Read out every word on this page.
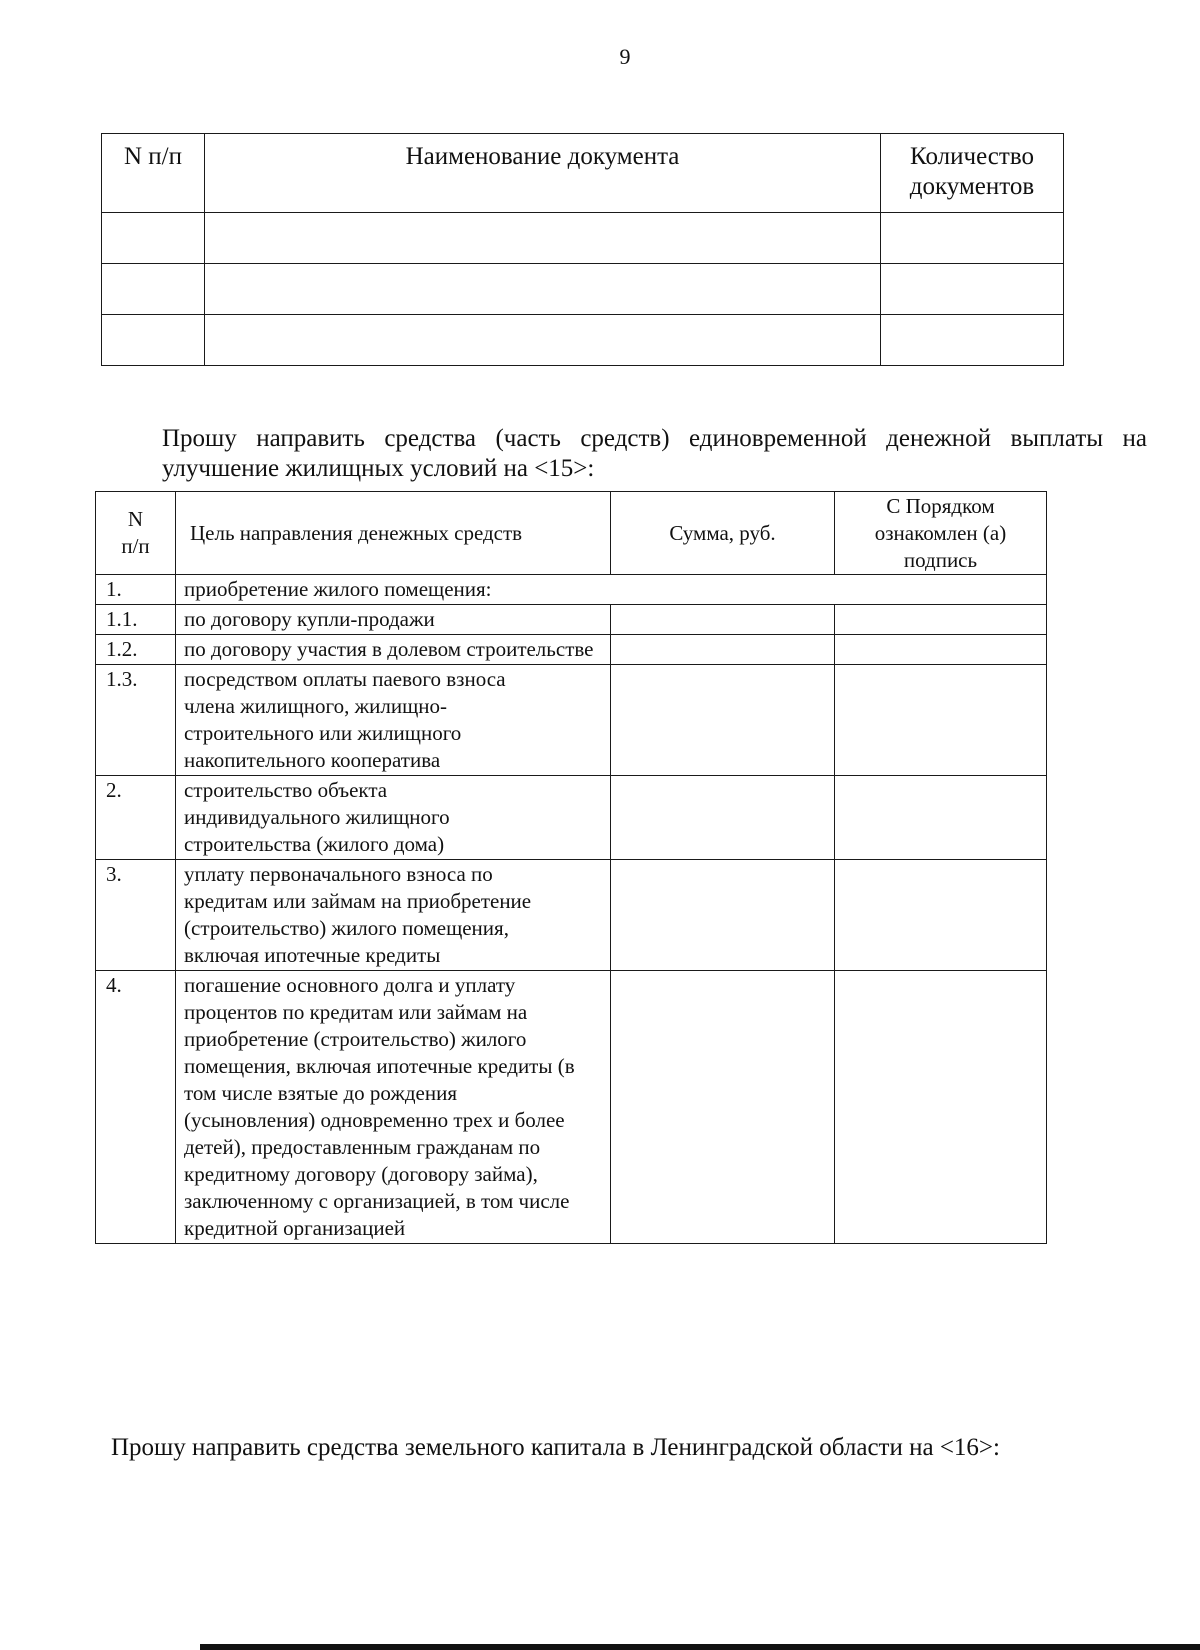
9
N п/п	Наименование документа	Количество документов

Прошу направить средства (часть средств) единовременной денежной выплаты на улучшение жилищных условий на <15>:

N п/п	Цель направления денежных средств	Сумма, руб.	С Порядком ознакомлен (а) подпись
1.	приобретение жилого помещения:		
1.1.	по договору купли-продажи		
1.2.	по договору участия в долевом строительстве		

1.3.	посредством оплаты паевого взноса члена жилищного, жилищно-строительного или жилищного накопительного кооператива		
2.	строительство объекта индивидуального жилищного строительства (жилого дома)		
3.	уплату первоначального взноса по кредитам или займам на приобретение (строительство) жилого помещения, включая ипотечные кредиты		
4.	погашение основного долга и уплату процентов по кредитам или займам на приобретение (строительство) жилого помещения, включая ипотечные кредиты (в том числе взятые до рождения (усыновления) одновременно трех и более детей), предоставленным гражданам по кредитному договору (договору займа), заключенному с организацией, в том числе кредитной организацией		

Прошу направить средства земельного капитала в Ленинградской области на <16>:
